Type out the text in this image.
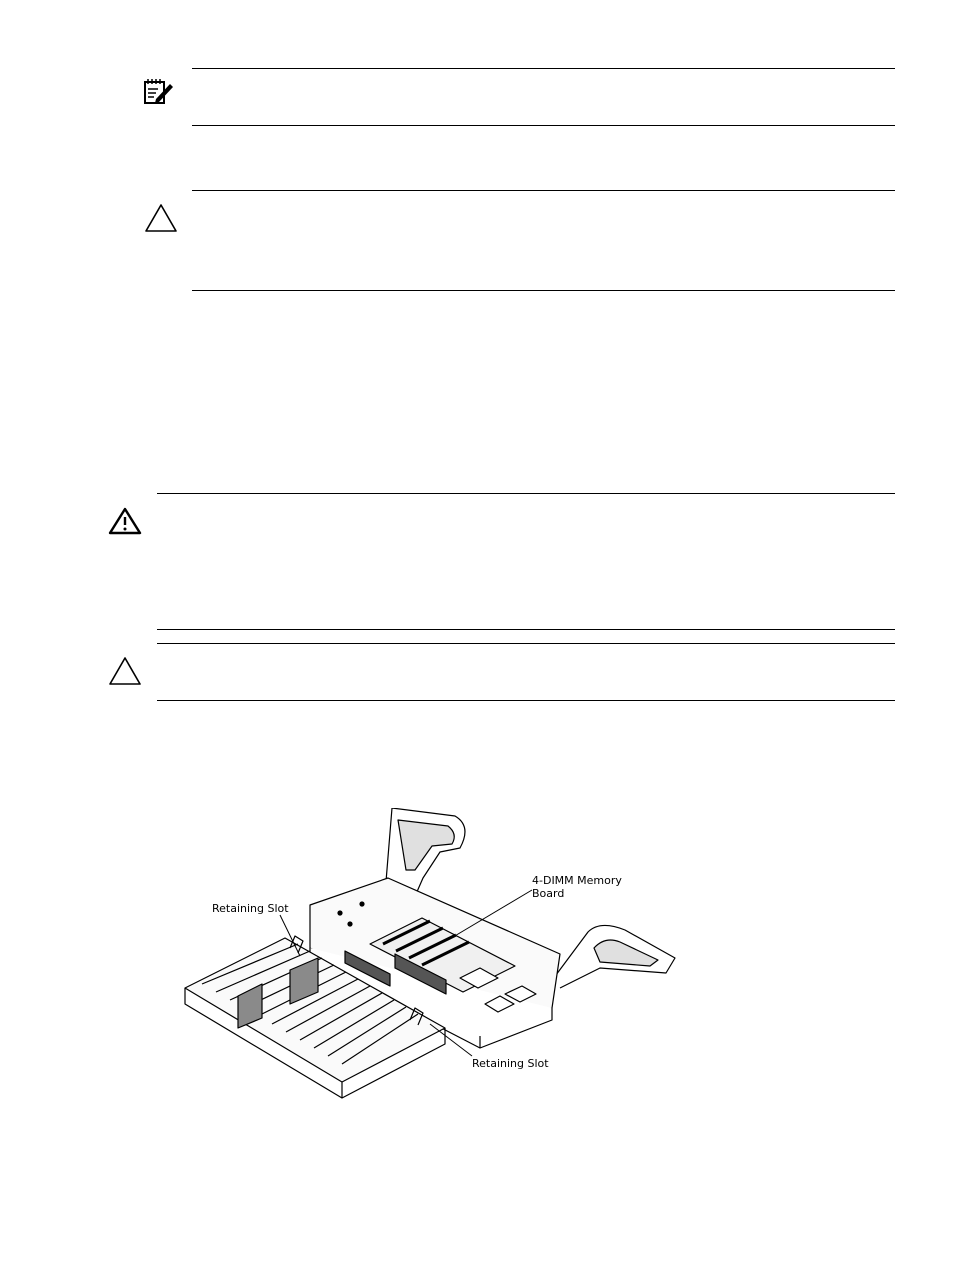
4-DIMM Memory
Board
Retaining Slot
Retaining Slot
